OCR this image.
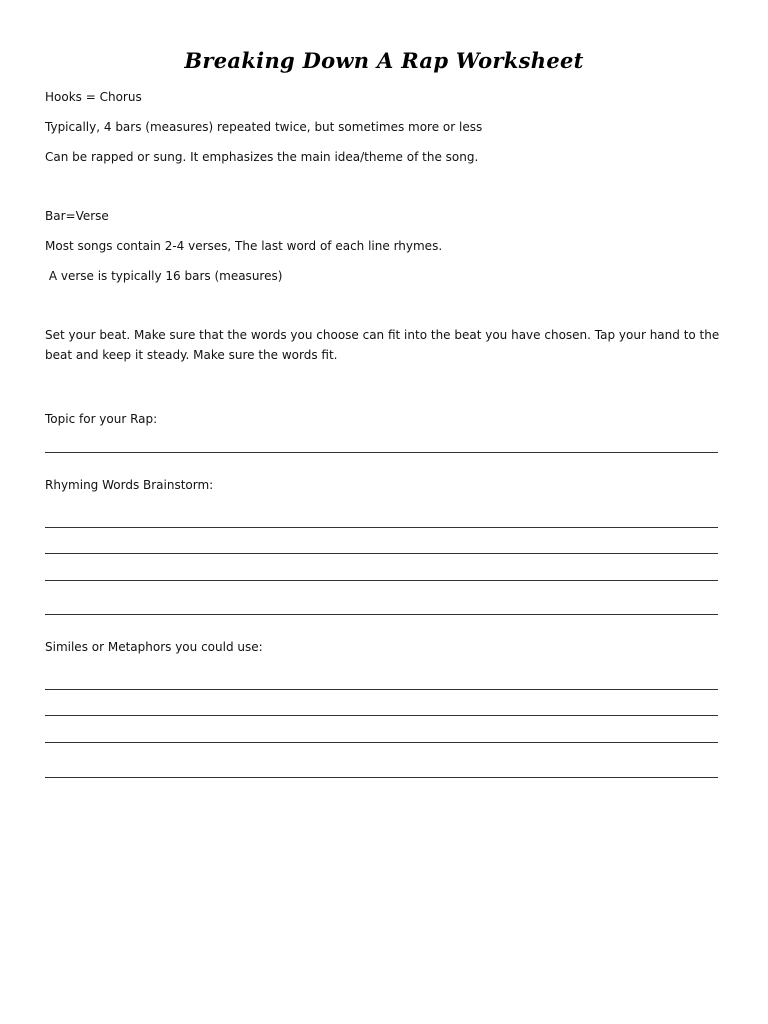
Breaking Down A Rap Worksheet
Hooks = Chorus
Typically, 4 bars (measures) repeated twice, but sometimes more or less
Can be rapped or sung. It emphasizes the main idea/theme of the song.
Bar=Verse
Most songs contain 2-4 verses, The last word of each line rhymes.
A verse is typically 16 bars (measures)
Set your beat. Make sure that the words you choose can fit into the beat you have chosen. Tap your hand to the beat and keep it steady. Make sure the words fit.
Topic for your Rap:
Rhyming Words Brainstorm:
Similes or Metaphors you could use:
